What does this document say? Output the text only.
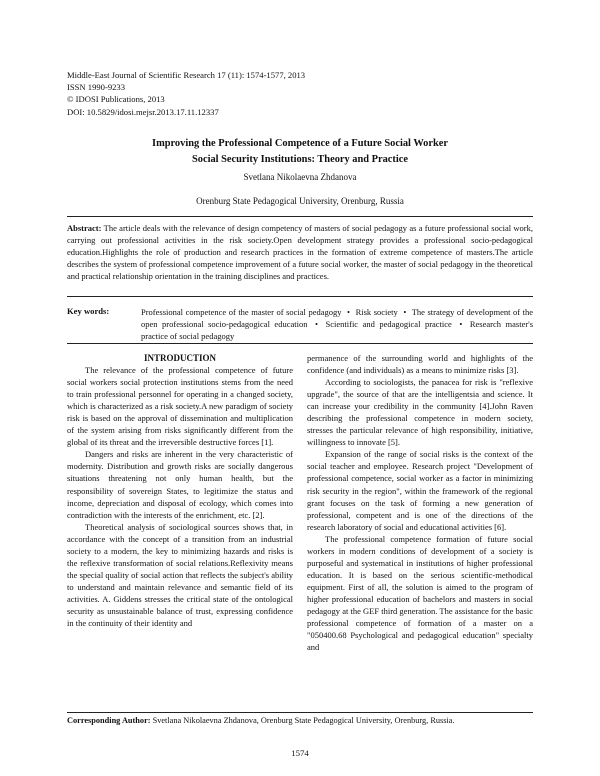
Middle-East Journal of Scientific Research 17 (11): 1574-1577, 2013
ISSN 1990-9233
© IDOSI Publications, 2013
DOI: 10.5829/idosi.mejsr.2013.17.11.12337
Improving the Professional Competence of a Future Social Worker
Social Security Institutions: Theory and Practice
Svetlana Nikolaevna Zhdanova
Orenburg State Pedagogical University, Orenburg, Russia
Abstract: The article deals with the relevance of design competency of masters of social pedagogy as a future professional social work, carrying out professional activities in the risk society.Open development strategy provides a professional socio-pedagogical education.Highlights the role of production and research practices in the formation of extreme competence of masters.The article describes the system of professional competence improvement of a future social worker, the master of social pedagogy in the theoretical and practical relationship orientation in the training disciplines and practices.
Key words:	Professional competence of the master of social pedagogy • Risk society • The strategy of development of the open professional socio-pedagogical education • Scientific and pedagogical practice • Research master's practice of social pedagogy

INTRODUCTION

The relevance of the professional competence of future social workers social protection institutions stems from the need to train professional personnel for operating in a changed society, which is characterized as a risk society.A new paradigm of society risk is based on the approval of dissemination and multiplication of the system arising from risks significantly different from the global of its threat and the irreversible destructive forces [1].

Dangers and risks are inherent in the very characteristic of modernity. Distribution and growth risks are socially dangerous situations threatening not only human health, but the responsibility of sovereign States, to legitimize the status and income, depreciation and disposal of ecology, which comes into contradiction with the interests of the enrichment, etc. [2].

Theoretical analysis of sociological sources shows that, in accordance with the concept of a transition from an industrial society to a modern, the key to minimizing hazards and risks is the reflexive transformation of social relations.Reflexivity means the special quality of social action that reflects the subject's ability to understand and maintain relevance and semantic field of its activities. A. Giddens stresses the critical state of the ontological security as unsustainable balance of trust, expressing confidence in the continuity of their identity and

permanence of the surrounding world and highlights of the confidence (and individuals) as a means to minimize risks [3].

According to sociologists, the panacea for risk is "reflexive upgrade", the source of that are the intelligentsia and science. It can increase your credibility in the community [4].John Raven describing the professional competence in modern society, stresses the particular relevance of high responsibility, initiative, willingness to innovate [5].

Expansion of the range of social risks is the context of the social teacher and employee. Research project "Development of professional competence, social worker as a factor in minimizing risk security in the region", within the framework of the regional grant focuses on the task of forming a new generation of professional, competent and is one of the directions of the research laboratory of social and educational activities [6].

The professional competence formation of future social workers in modern conditions of development of a society is purposeful and systematical in institutions of higher professional education. It is based on the serious scientific-methodical equipment. First of all, the solution is aimed to the program of higher professional education of bachelors and masters in social pedagogy at the GEF third generation. The assistance for the basic professional competence of formation of a master on a "050400.68 Psychological and pedagogical education" specialty and

Corresponding Author: Svetlana Nikolaevna Zhdanova, Orenburg State Pedagogical University, Orenburg, Russia.
1574
